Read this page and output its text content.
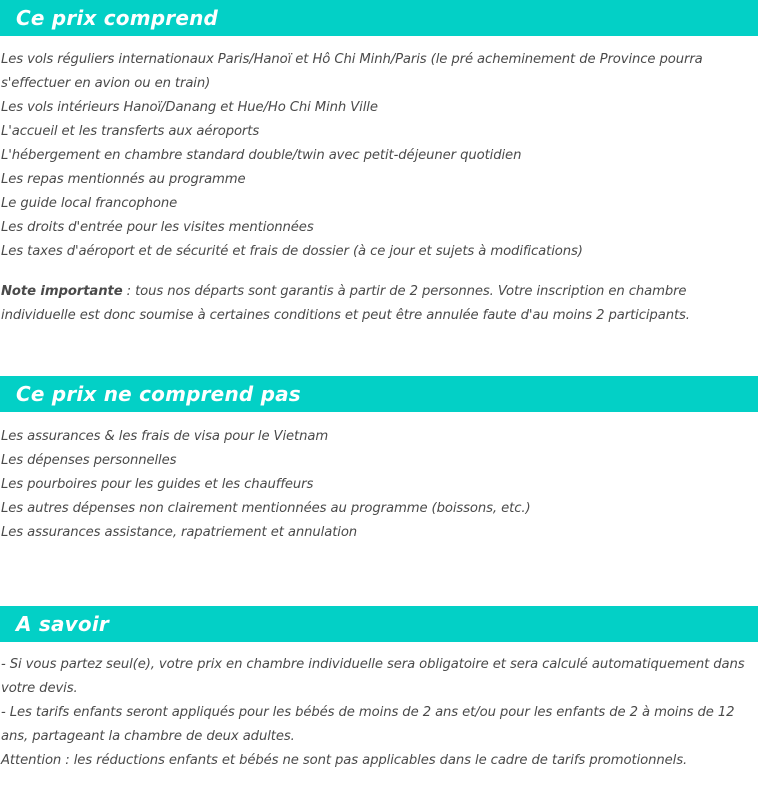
Ce prix comprend
Les vols réguliers internationaux Paris/Hanoï et Hô Chi Minh/Paris (le pré acheminement de Province pourra s'effectuer en avion ou en train)
Les vols intérieurs Hanoï/Danang et Hue/Ho Chi Minh Ville
L'accueil et les transferts aux aéroports
L'hébergement en chambre standard double/twin avec petit-déjeuner quotidien
Les repas mentionnés au programme
Le guide local francophone
Les droits d'entrée pour les visites mentionnées
Les taxes d'aéroport et de sécurité et frais de dossier (à ce jour et sujets à modifications)
Note importante : tous nos départs sont garantis à partir de 2 personnes. Votre inscription en chambre individuelle est donc soumise à certaines conditions et peut être annulée faute d'au moins 2 participants.
Ce prix ne comprend pas
Les assurances & les frais de visa pour le Vietnam
Les dépenses personnelles
Les pourboires pour les guides et les chauffeurs
Les autres dépenses non clairement mentionnées au programme (boissons, etc.)
Les assurances assistance, rapatriement et annulation
A savoir
- Si vous partez seul(e), votre prix en chambre individuelle sera obligatoire et sera calculé automatiquement dans votre devis.
- Les tarifs enfants seront appliqués pour les bébés de moins de 2 ans et/ou pour les enfants de 2 à moins de 12 ans, partageant la chambre de deux adultes.
Attention : les réductions enfants et bébés ne sont pas applicables dans le cadre de tarifs promotionnels.
